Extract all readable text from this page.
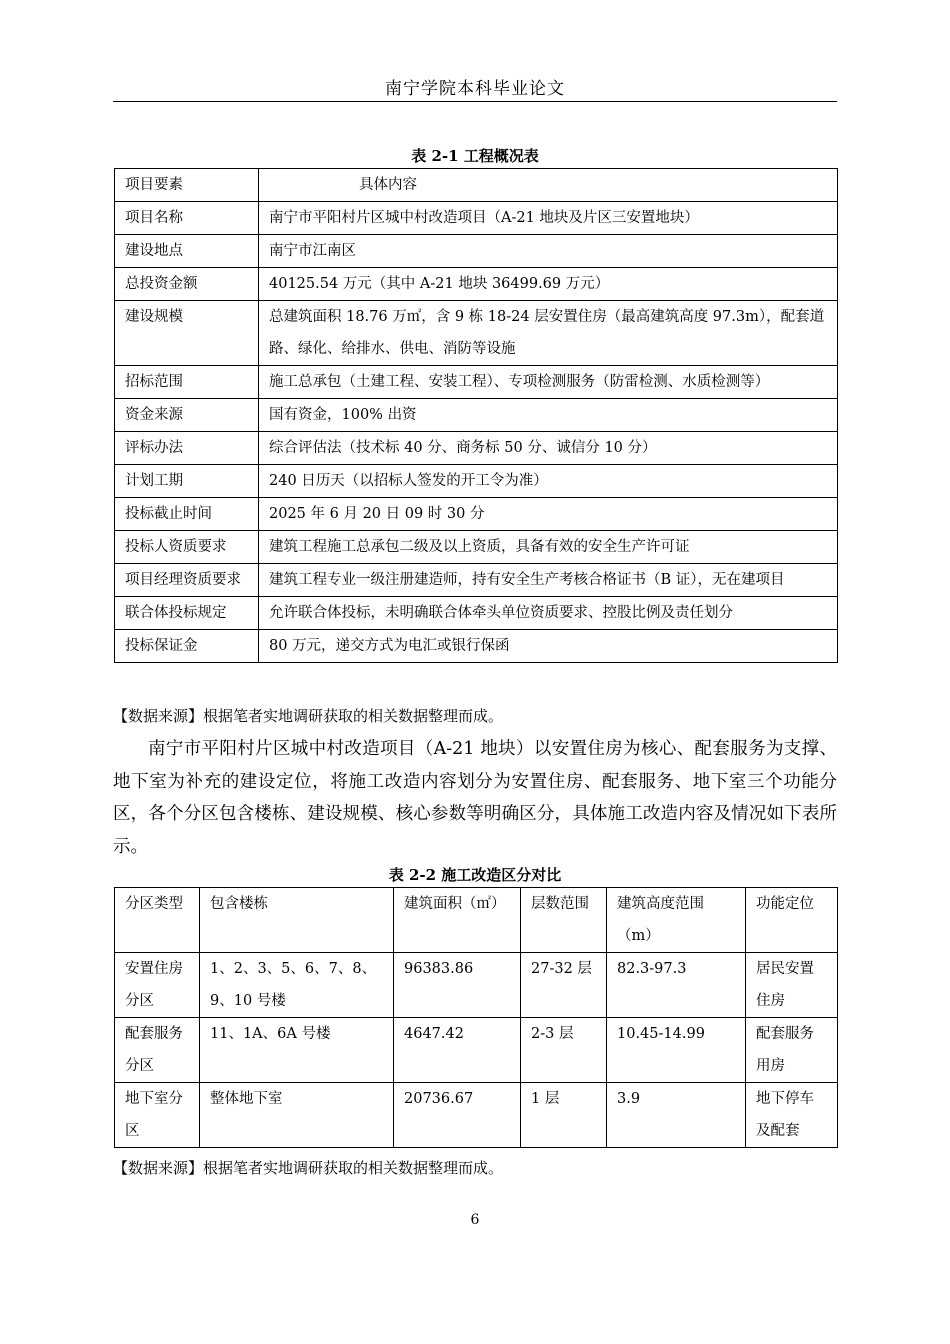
南宁学院本科毕业论文
表 2-1 工程概况表
项目要素	具体内容
项目名称	南宁市平阳村片区城中村改造项目（A-21 地块及片区三安置地块）
建设地点	南宁市江南区
总投资金额	40125.54 万元（其中 A-21 地块 36499.69 万元）
建设规模	总建筑面积 18.76 万㎡，含 9 栋 18-24 层安置住房（最高建筑高度 97.3m），配套道路、绿化、给排水、供电、消防等设施
招标范围	施工总承包（土建工程、安装工程）、专项检测服务（防雷检测、水质检测等）
资金来源	国有资金，100% 出资
评标办法	综合评估法（技术标 40 分、商务标 50 分、诚信分 10 分）
计划工期	240 日历天（以招标人签发的开工令为准）
投标截止时间	2025 年 6 月 20 日 09 时 30 分
投标人资质要求	建筑工程施工总承包二级及以上资质，具备有效的安全生产许可证
项目经理资质要求	建筑工程专业一级注册建造师，持有安全生产考核合格证书（B 证），无在建项目
联合体投标规定	允许联合体投标，未明确联合体牵头单位资质要求、控股比例及责任划分
投标保证金	80 万元，递交方式为电汇或银行保函
【数据来源】根据笔者实地调研获取的相关数据整理而成。
南宁市平阳村片区城中村改造项目（A-21 地块）以安置住房为核心、配套服务为支撑、地下室为补充的建设定位，将施工改造内容划分为安置住房、配套服务、地下室三个功能分区，各个分区包含楼栋、建设规模、核心参数等明确区分，具体施工改造内容及情况如下表所示。
表 2-2 施工改造区分对比
分区类型	包含楼栋	建筑面积（㎡）	层数范围	建筑高度范围（m）	功能定位
安置住房分区	1、2、3、5、6、7、8、9、10 号楼	96383.86	27-32 层	82.3-97.3	居民安置住房
配套服务分区	11、1A、6A 号楼	4647.42	2-3 层	10.45-14.99	配套服务用房
地下室分区	整体地下室	20736.67	1 层	3.9	地下停车及配套
【数据来源】根据笔者实地调研获取的相关数据整理而成。
6
